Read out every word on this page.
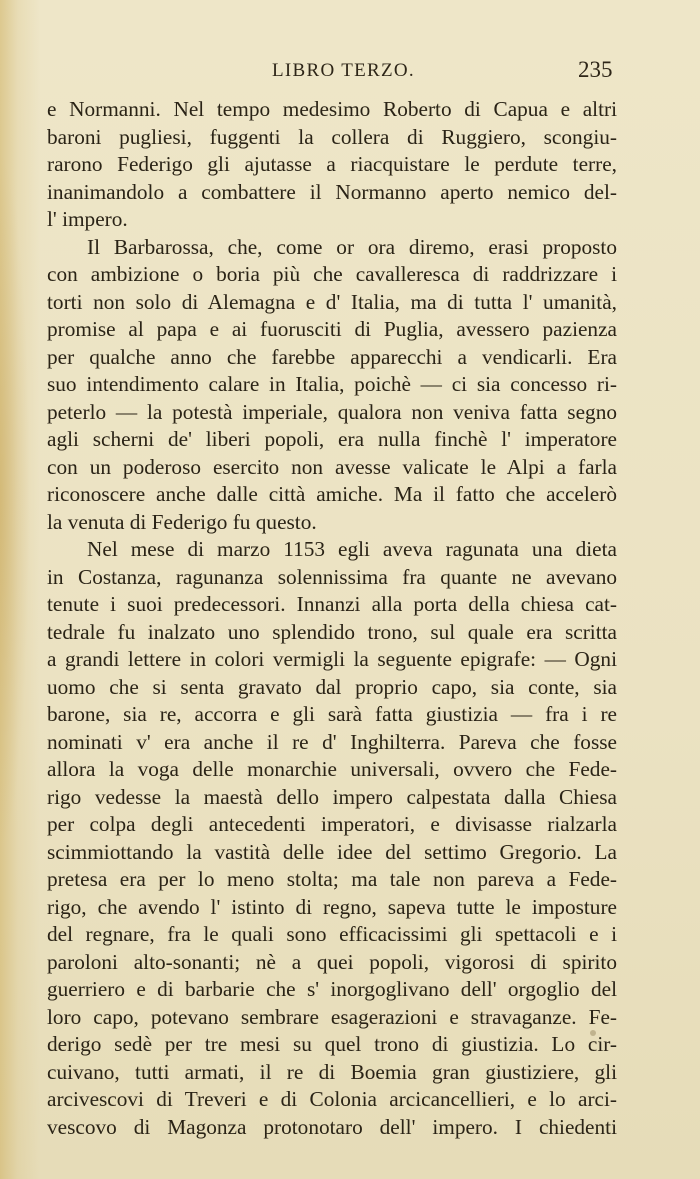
LIBRO TERZO.	235
e Normanni. Nel tempo medesimo Roberto di Capua e altri
baroni pugliesi, fuggenti la collera di Ruggiero, scongiu-
rarono Federigo gli ajutasse a riacquistare le perdute terre,
inanimandolo a combattere il Normanno aperto nemico del-
l' impero.
Il Barbarossa, che, come or ora diremo, erasi proposto
con ambizione o boria più che cavalleresca di raddrizzare i
torti non solo di Alemagna e d' Italia, ma di tutta l' umanità,
promise al papa e ai fuorusciti di Puglia, avessero pazienza
per qualche anno che farebbe apparecchi a vendicarli. Era
suo intendimento calare in Italia, poichè — ci sia concesso ri-
peterlo — la potestà imperiale, qualora non veniva fatta segno
agli scherni de' liberi popoli, era nulla finchè l' imperatore
con un poderoso esercito non avesse valicate le Alpi a farla
riconoscere anche dalle città amiche. Ma il fatto che accelerò
la venuta di Federigo fu questo.
Nel mese di marzo 1153 egli aveva ragunata una dieta
in Costanza, ragunanza solennissima fra quante ne avevano
tenute i suoi predecessori. Innanzi alla porta della chiesa cat-
tedrale fu inalzato uno splendido trono, sul quale era scritta
a grandi lettere in colori vermigli la seguente epigrafe: — Ogni
uomo che si senta gravato dal proprio capo, sia conte, sia
barone, sia re, accorra e gli sarà fatta giustizia — fra i re
nominati v' era anche il re d' Inghilterra. Pareva che fosse
allora la voga delle monarchie universali, ovvero che Fede-
rigo vedesse la maestà dello impero calpestata dalla Chiesa
per colpa degli antecedenti imperatori, e divisasse rialzarla
scimmiottando la vastità delle idee del settimo Gregorio. La
pretesa era per lo meno stolta; ma tale non pareva a Fede-
rigo, che avendo l' istinto di regno, sapeva tutte le imposture
del regnare, fra le quali sono efficacissimi gli spettacoli e i
paroloni alto-sonanti; nè a quei popoli, vigorosi di spirito
guerriero e di barbarie che s' inorgoglivano dell' orgoglio del
loro capo, potevano sembrare esagerazioni e stravaganze. Fe-
derigo sedè per tre mesi su quel trono di giustizia. Lo cir-
cuivano, tutti armati, il re di Boemia gran giustiziere, gli
arcivescovi di Treveri e di Colonia arcicancellieri, e lo arci-
vescovo di Magonza protonotaro dell' impero. I chiedenti
